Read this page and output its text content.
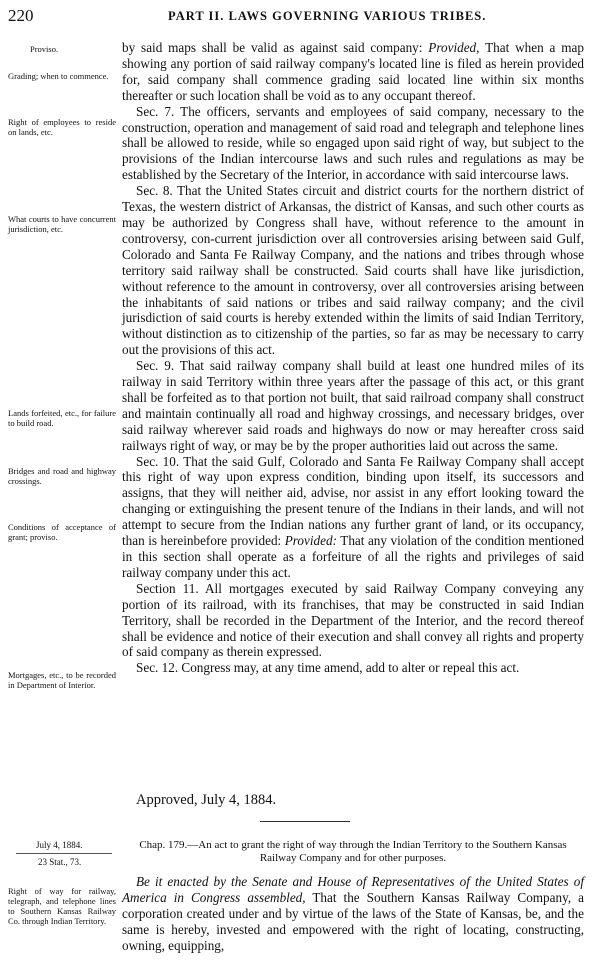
220	PART II. LAWS GOVERNING VARIOUS TRIBES.
Proviso.
Grading; when to commence.
Right of employees to reside on lands, etc.
What courts to have concurrent jurisdiction, etc.
Lands forfeited, etc., for failure to build road.
Bridges and road and highway crossings.
Conditions of acceptance of grant; proviso.
Mortgages, etc., to be recorded in Department of Interior.

by said maps shall be valid as against said company: Provided, That when a map showing any portion of said railway company's located line is filed as herein provided for, said company shall commence grading said located line within six months thereafter or such location shall be void as to any occupant thereof.

Sec. 7. The officers, servants and employees of said company, necessary to the construction, operation and management of said road and telegraph and telephone lines shall be allowed to reside, while so engaged upon said right of way, but subject to the provisions of the Indian intercourse laws and such rules and regulations as may be established by the Secretary of the Interior, in accordance with said intercourse laws.

Sec. 8. That the United States circuit and district courts for the northern district of Texas, the western district of Arkansas, the district of Kansas, and such other courts as may be authorized by Congress shall have, without reference to the amount in controversy, con-current jurisdiction over all controversies arising between said Gulf, Colorado and Santa Fe Railway Company, and the nations and tribes through whose territory said railway shall be constructed. Said courts shall have like jurisdiction, without reference to the amount in controversy, over all controversies arising between the inhabitants of said nations or tribes and said railway company; and the civil jurisdiction of said courts is hereby extended within the limits of said Indian Territory, without distinction as to citizenship of the parties, so far as may be necessary to carry out the provisions of this act.

Sec. 9. That said railway company shall build at least one hundred miles of its railway in said Territory within three years after the passage of this act, or this grant shall be forfeited as to that portion not built, that said railroad company shall construct and maintain continually all road and highway crossings, and necessary bridges, over said railway wherever said roads and highways do now or may hereafter cross said railways right of way, or may be by the proper authorities laid out across the same.

Sec. 10. That the said Gulf, Colorado and Santa Fe Railway Company shall accept this right of way upon express condition, binding upon itself, its successors and assigns, that they will neither aid, advise, nor assist in any effort looking toward the changing or extinguishing the present tenure of the Indians in their lands, and will not attempt to secure from the Indian nations any further grant of land, or its occupancy, than is hereinbefore provided: Provided: That any violation of the condition mentioned in this section shall operate as a forfeiture of all the rights and privileges of said railway company under this act.

Section 11. All mortgages executed by said Railway Company conveying any portion of its railroad, with its franchises, that may be constructed in said Indian Territory, shall be recorded in the Department of the Interior, and the record thereof shall be evidence and notice of their execution and shall convey all rights and property of said company as therein expressed.

Sec. 12. Congress may, at any time amend, add to alter or repeal this act.

Approved, July 4, 1884.
July 4, 1884.
23 Stat., 73.
Chap. 179.—An act to grant the right of way through the Indian Territory to the Southern Kansas Railway Company and for other purposes.
Right of way for railway, telegraph, and telephone lines to Southern Kansas Railway Co. through Indian Territory.

Be it enacted by the Senate and House of Representatives of the United States of America in Congress assembled, That the Southern Kansas Railway Company, a corporation created under and by virtue of the laws of the State of Kansas, be, and the same is hereby, invested and empowered with the right of locating, constructing, owning, equipping,
